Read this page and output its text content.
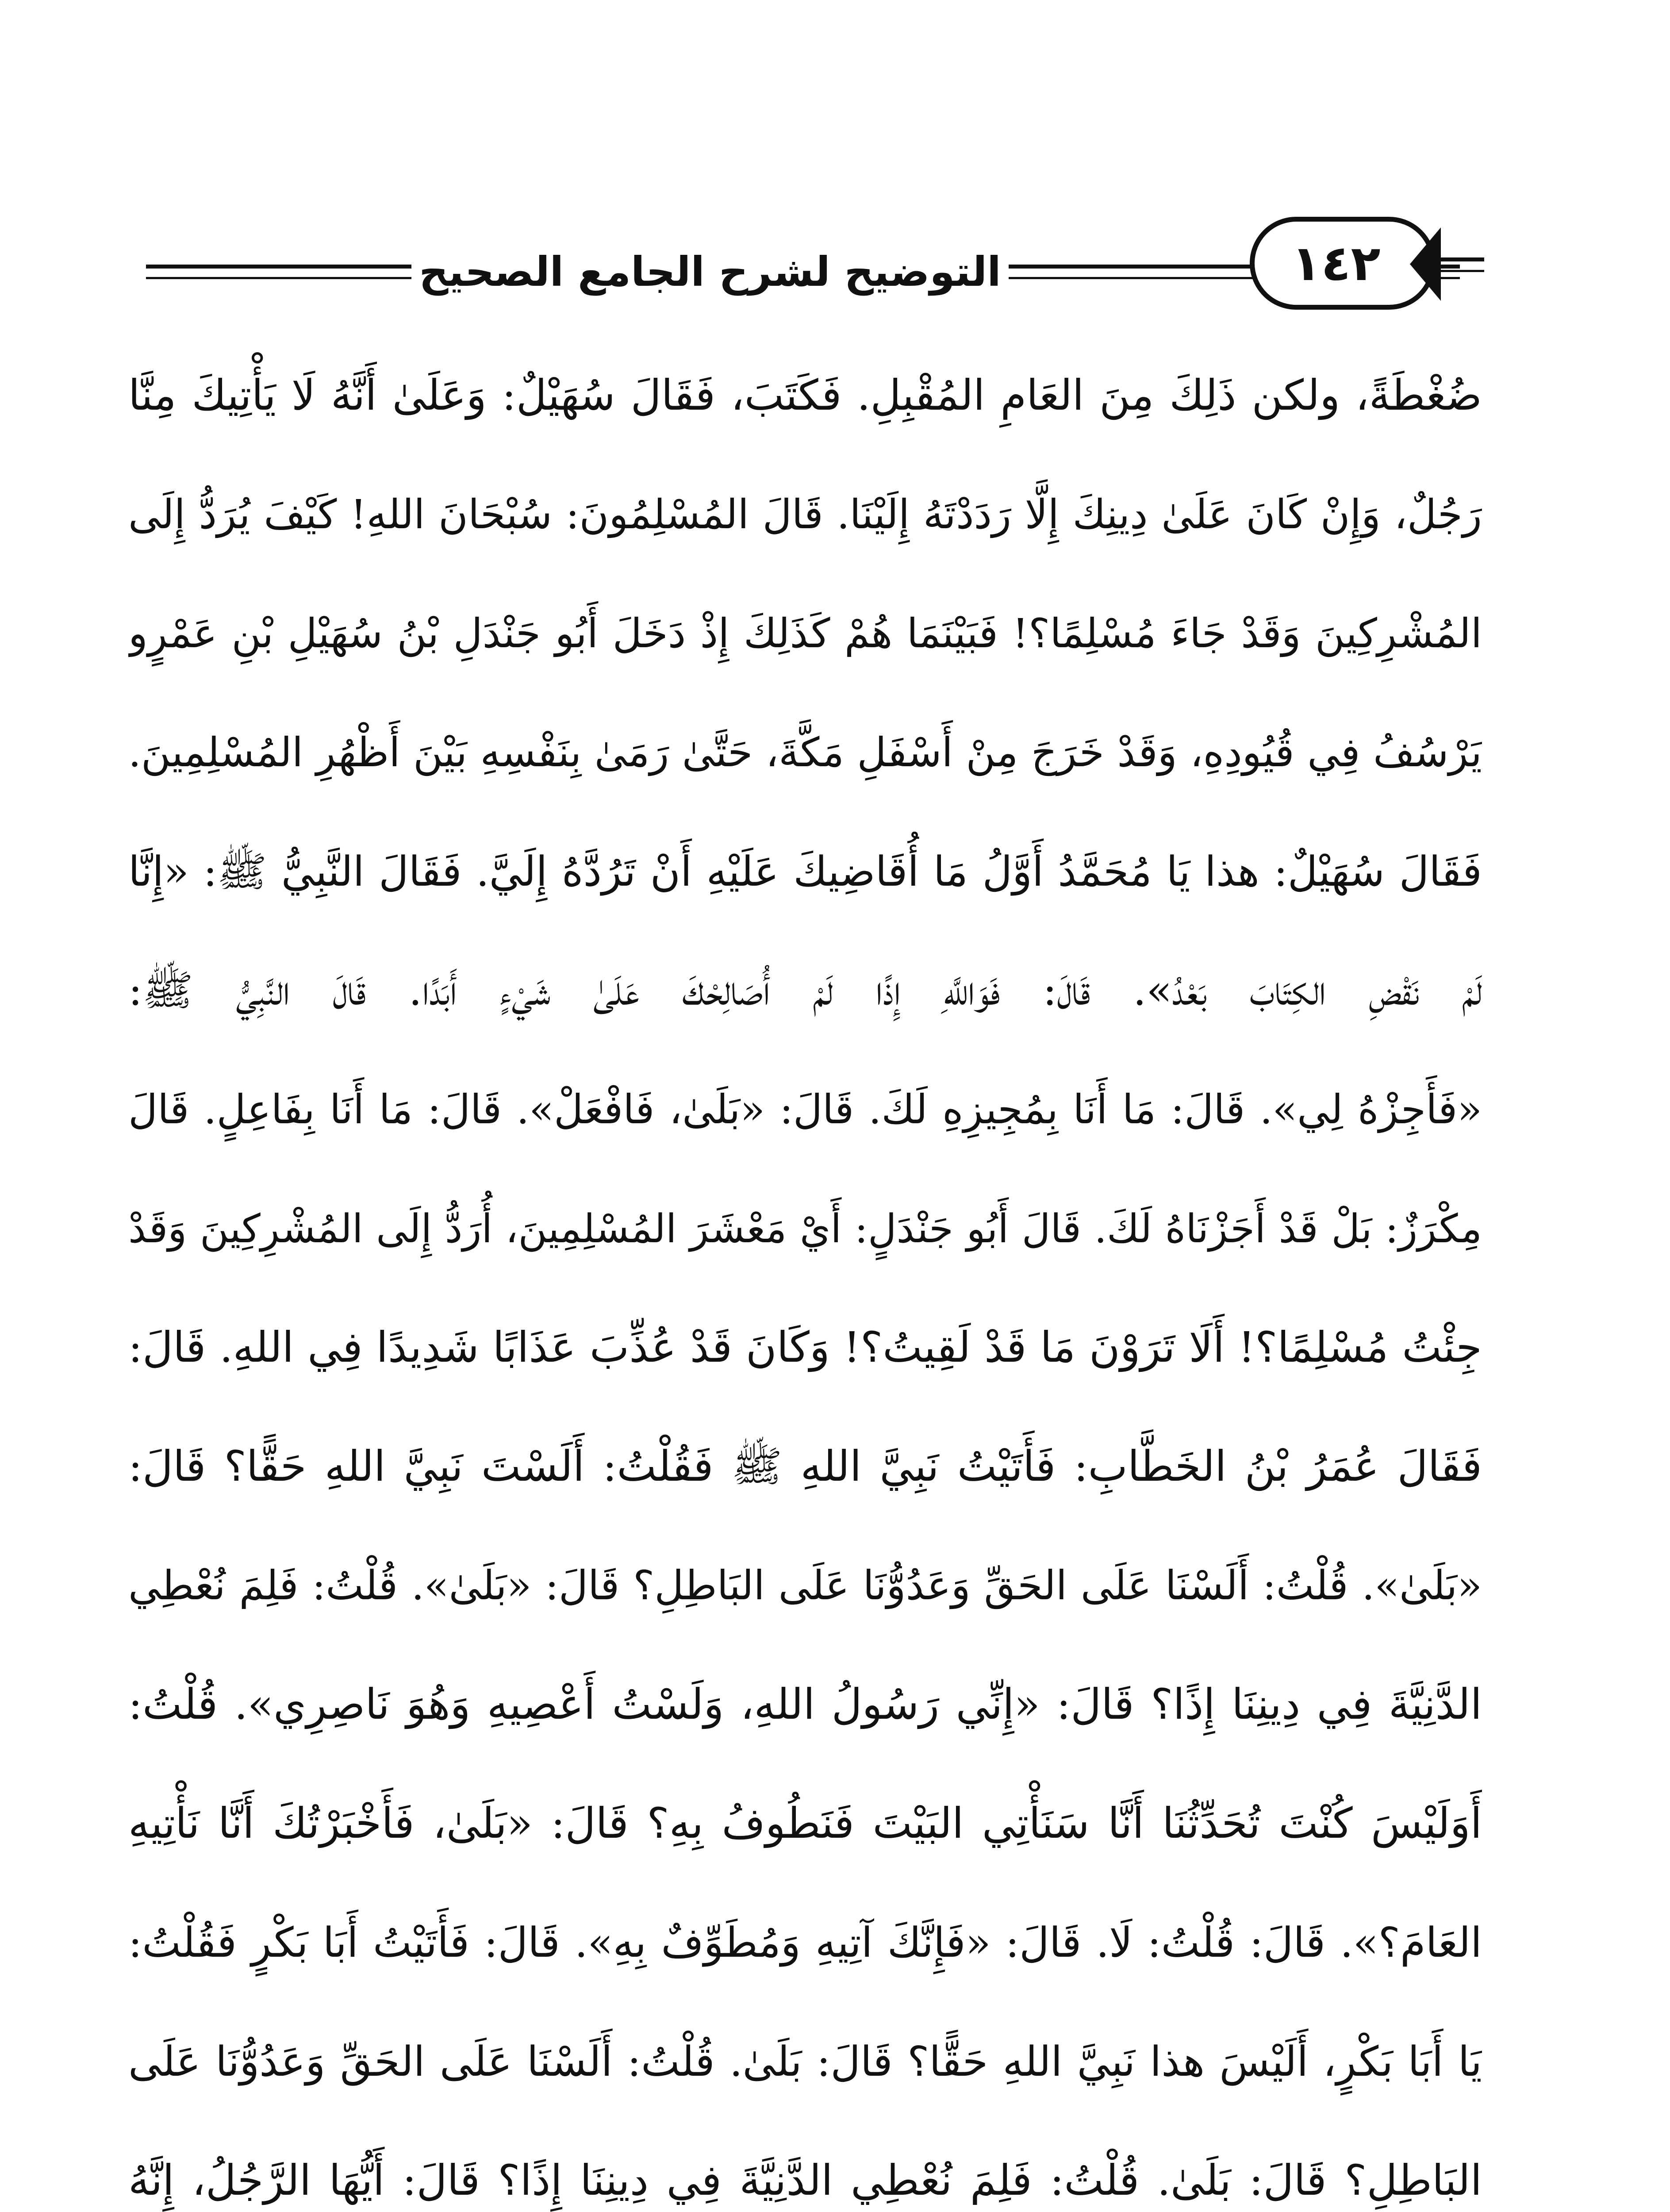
التوضيح لشرح الجامع الصحيح	١٤٢
ضُغْطَةً، ولكن ذَلِكَ مِنَ العَامِ المُقْبِلِ. فَكَتَبَ، فَقَالَ سُهَيْلٌ: وَعَلَىٰ أَنَّهُ لَا يَأْتِيكَ مِنَّا
رَجُلٌ، وَإِنْ كَانَ عَلَىٰ دِينِكَ إِلَّا رَدَدْتَهُ إِلَيْنَا. قَالَ المُسْلِمُونَ: سُبْحَانَ اللهِ! كَيْفَ يُرَدُّ إِلَى
المُشْرِكِينَ وَقَدْ جَاءَ مُسْلِمًا؟! فَبَيْنَمَا هُمْ كَذَلِكَ إِذْ دَخَلَ أَبُو جَنْدَلِ بْنُ سُهَيْلِ بْنِ عَمْرٍو
يَرْسُفُ فِي قُيُودِهِ، وَقَدْ خَرَجَ مِنْ أَسْفَلِ مَكَّةَ، حَتَّىٰ رَمَىٰ بِنَفْسِهِ بَيْنَ أَظْهُرِ المُسْلِمِينَ.
فَقَالَ سُهَيْلٌ: هذا يَا مُحَمَّدُ أَوَّلُ مَا أُقَاضِيكَ عَلَيْهِ أَنْ تَرُدَّهُ إِلَيَّ. فَقَالَ النَّبِيُّ ﷺ: «إِنَّا
لَمْ نَقْضِ الكِتَابَ بَعْدُ». قَالَ: فَوَاللَّهِ إِذًا لَمْ أُصَالِحْكَ عَلَىٰ شَيْءٍ أَبَدًا. قَالَ النَّبِيُّ ﷺ:
«فَأَجِزْهُ لِي». قَالَ: مَا أَنَا بِمُجِيزِهِ لَكَ. قَالَ: «بَلَىٰ، فَافْعَلْ». قَالَ: مَا أَنَا بِفَاعِلٍ. قَالَ
مِكْرَزٌ: بَلْ قَدْ أَجَزْنَاهُ لَكَ. قَالَ أَبُو جَنْدَلٍ: أَيْ مَعْشَرَ المُسْلِمِينَ، أُرَدُّ إِلَى المُشْرِكِينَ وَقَدْ
جِئْتُ مُسْلِمًا؟! أَلَا تَرَوْنَ مَا قَدْ لَقِيتُ؟! وَكَانَ قَدْ عُذِّبَ عَذَابًا شَدِيدًا فِي اللهِ. قَالَ:
فَقَالَ عُمَرُ بْنُ الخَطَّابِ: فَأَتَيْتُ نَبِيَّ اللهِ ﷺ فَقُلْتُ: أَلَسْتَ نَبِيَّ اللهِ حَقًّا؟ قَالَ:
«بَلَىٰ». قُلْتُ: أَلَسْنَا عَلَى الحَقِّ وَعَدُوُّنَا عَلَى البَاطِلِ؟ قَالَ: «بَلَىٰ». قُلْتُ: فَلِمَ نُعْطِي
الدَّنِيَّةَ فِي دِينِنَا إِذًا؟ قَالَ: «إِنِّي رَسُولُ اللهِ، وَلَسْتُ أَعْصِيهِ وَهُوَ نَاصِرِي». قُلْتُ:
أَوَلَيْسَ كُنْتَ تُحَدِّثُنَا أَنَّا سَنَأْتِي البَيْتَ فَنَطُوفُ بِهِ؟ قَالَ: «بَلَىٰ، فَأَخْبَرْتُكَ أَنَّا نَأْتِيهِ
العَامَ؟». قَالَ: قُلْتُ: لَا. قَالَ: «فَإِنَّكَ آتِيهِ وَمُطَوِّفٌ بِهِ». قَالَ: فَأَتَيْتُ أَبَا بَكْرٍ فَقُلْتُ:
يَا أَبَا بَكْرٍ، أَلَيْسَ هذا نَبِيَّ اللهِ حَقًّا؟ قَالَ: بَلَىٰ. قُلْتُ: أَلَسْنَا عَلَى الحَقِّ وَعَدُوُّنَا عَلَى
البَاطِلِ؟ قَالَ: بَلَىٰ. قُلْتُ: فَلِمَ نُعْطِي الدَّنِيَّةَ فِي دِينِنَا إِذًا؟ قَالَ: أَيُّهَا الرَّجُلُ، إِنَّهُ
